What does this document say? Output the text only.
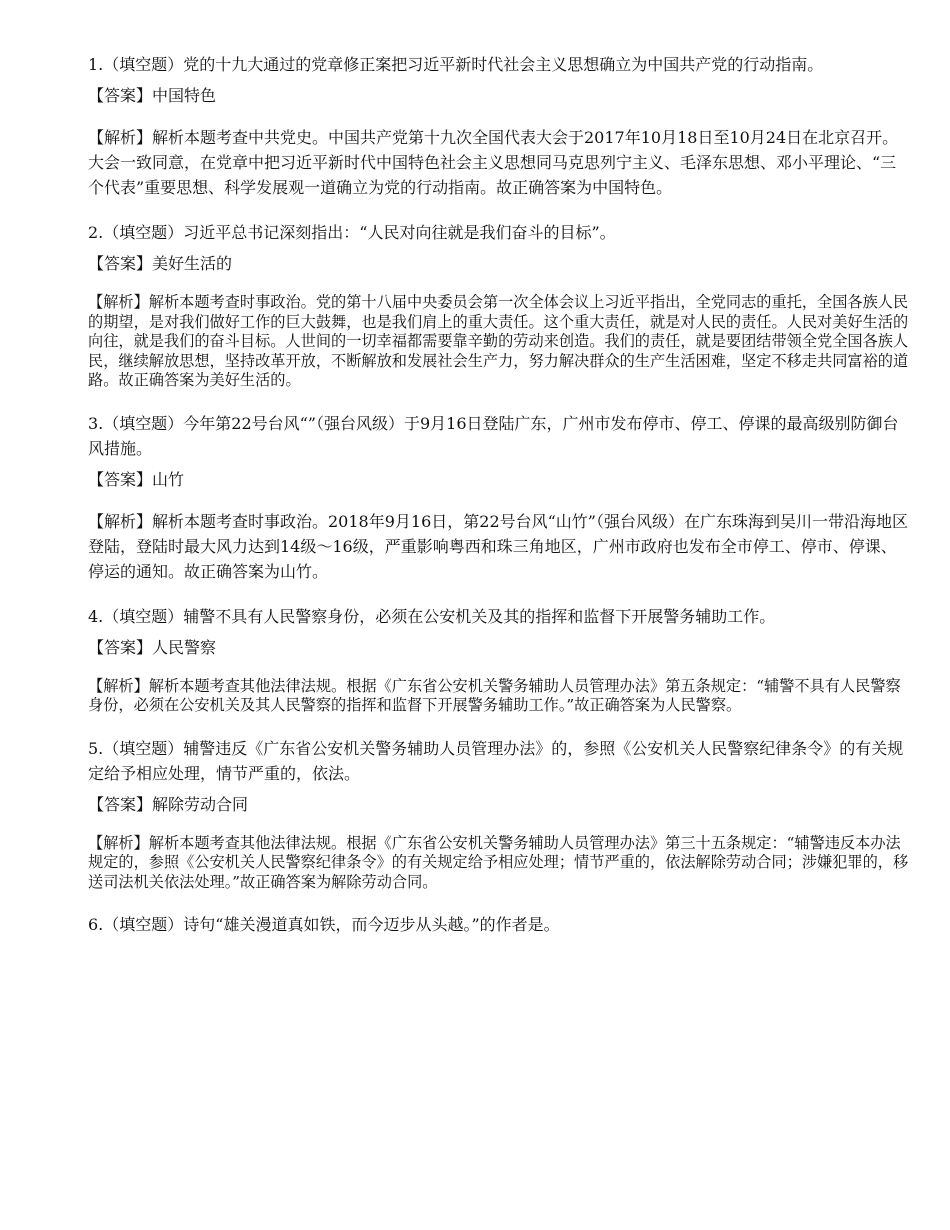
1.（填空题）党的十九大通过的党章修正案把习近平新时代社会主义思想确立为中国共产党的行动指南。

【答案】中国特色

【解析】解析本题考查中共党史。中国共产党第十九次全国代表大会于2017年10月18日至10月24日在北京召开。大会一致同意，在党章中把习近平新时代中国特色社会主义思想同马克思列宁主义、毛泽东思想、邓小平理论、“三个代表”重要思想、科学发展观一道确立为党的行动指南。故正确答案为中国特色。

2.（填空题）习近平总书记深刻指出：“人民对向往就是我们奋斗的目标”。

【答案】美好生活的

【解析】解析本题考查时事政治。党的第十八届中央委员会第一次全体会议上习近平指出，全党同志的重托，全国各族人民的期望，是对我们做好工作的巨大鼓舞，也是我们肩上的重大责任。这个重大责任，就是对人民的责任。人民对美好生活的向往，就是我们的奋斗目标。人世间的一切幸福都需要靠辛勤的劳动来创造。我们的责任，就是要团结带领全党全国各族人民，继续解放思想，坚持改革开放，不断解放和发展社会生产力，努力解决群众的生产生活困难，坚定不移走共同富裕的道路。故正确答案为美好生活的。

3.（填空题）今年第22号台风“”（强台风级）于9月16日登陆广东，广州市发布停市、停工、停课的最高级别防御台风措施。

【答案】山竹

【解析】解析本题考查时事政治。2018年9月16日，第22号台风“山竹”（强台风级）在广东珠海到吴川一带沿海地区登陆，登陆时最大风力达到14级～16级，严重影响粤西和珠三角地区，广州市政府也发布全市停工、停市、停课、停运的通知。故正确答案为山竹。

4.（填空题）辅警不具有人民警察身份，必须在公安机关及其的指挥和监督下开展警务辅助工作。

【答案】人民警察

【解析】解析本题考查其他法律法规。根据《广东省公安机关警务辅助人员管理办法》第五条规定：“辅警不具有人民警察身份，必须在公安机关及其人民警察的指挥和监督下开展警务辅助工作。”故正确答案为人民警察。

5.（填空题）辅警违反《广东省公安机关警务辅助人员管理办法》的，参照《公安机关人民警察纪律条令》的有关规定给予相应处理，情节严重的，依法。

【答案】解除劳动合同

【解析】解析本题考查其他法律法规。根据《广东省公安机关警务辅助人员管理办法》第三十五条规定：“辅警违反本办法规定的，参照《公安机关人民警察纪律条令》的有关规定给予相应处理；情节严重的，依法解除劳动合同；涉嫌犯罪的，移送司法机关依法处理。”故正确答案为解除劳动合同。

6.（填空题）诗句“雄关漫道真如铁，而今迈步从头越。”的作者是。
